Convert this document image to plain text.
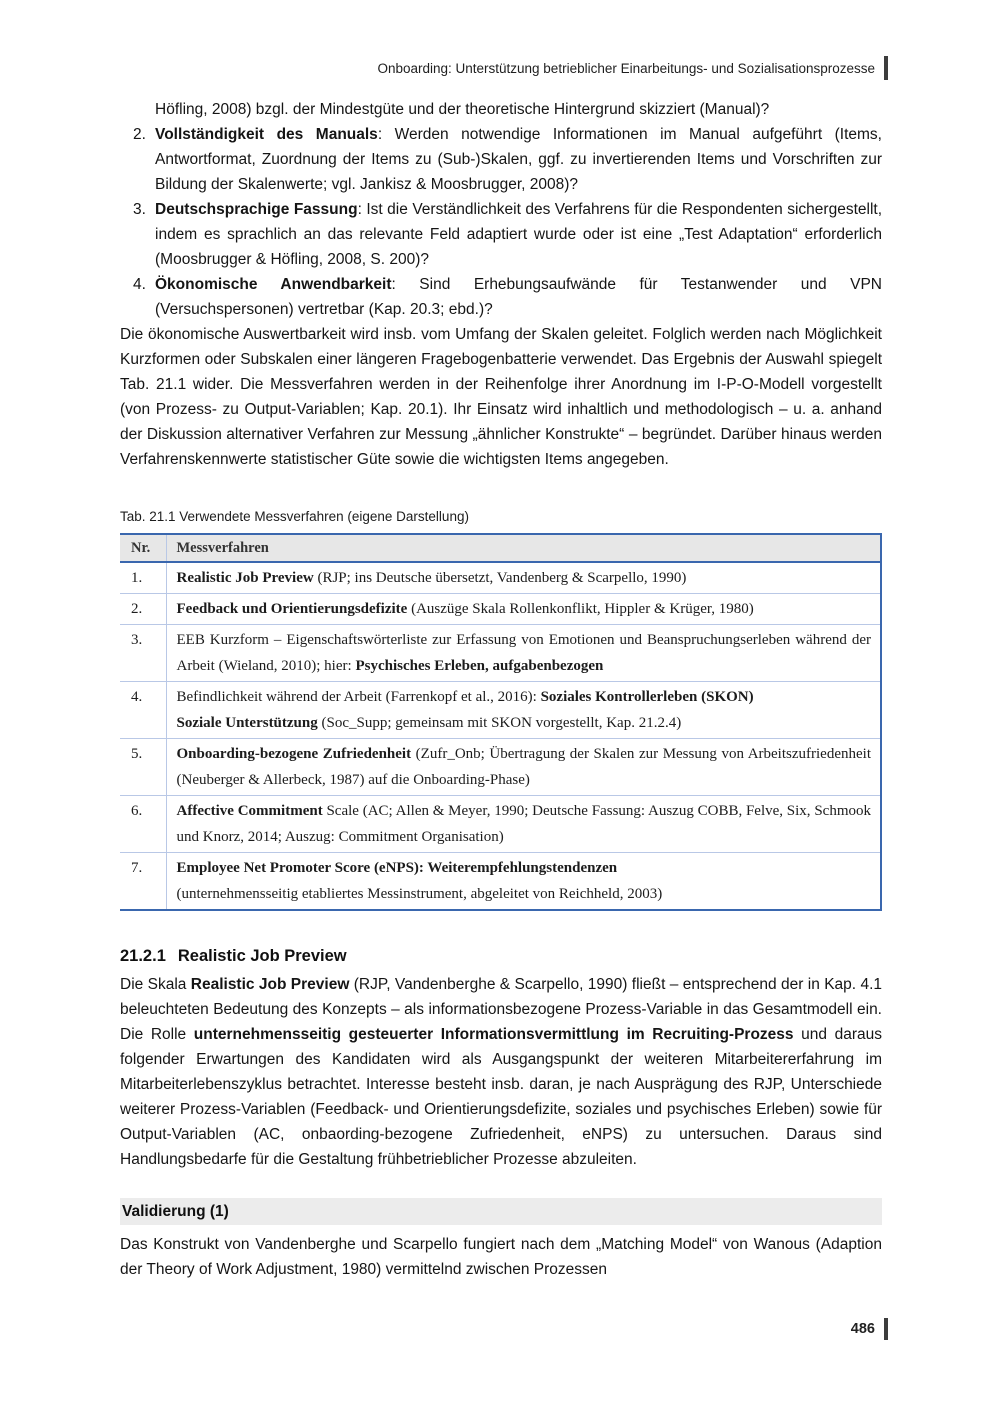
Onboarding: Unterstützung betrieblicher Einarbeitungs- und Sozialisationsprozesse

Höfling, 2008) bzgl. der Mindestgüte und der theoretische Hintergrund skizziert (Manual)?

2. Vollständigkeit des Manuals: Werden notwendige Informationen im Manual aufgeführt (Items, Antwortformat, Zuordnung der Items zu (Sub-)Skalen, ggf. zu invertierenden Items und Vorschriften zur Bildung der Skalenwerte; vgl. Jankisz & Moosbrugger, 2008)?

3. Deutschsprachige Fassung: Ist die Verständlichkeit des Verfahrens für die Respondenten sichergestellt, indem es sprachlich an das relevante Feld adaptiert wurde oder ist eine „Test Adaptation“ erforderlich (Moosbrugger & Höfling, 2008, S. 200)?

4. Ökonomische Anwendbarkeit: Sind Erhebungsaufwände für Testanwender und VPN (Versuchspersonen) vertretbar (Kap. 20.3; ebd.)?

Die ökonomische Auswertbarkeit wird insb. vom Umfang der Skalen geleitet. Folglich werden nach Möglichkeit Kurzformen oder Subskalen einer längeren Fragebogenbatterie verwendet. Das Ergebnis der Auswahl spiegelt Tab. 21.1 wider. Die Messverfahren werden in der Reihenfolge ihrer Anordnung im I-P-O-Modell vorgestellt (von Prozess- zu Output-Variablen; Kap. 20.1). Ihr Einsatz wird inhaltlich und methodologisch – u. a. anhand der Diskussion alternativer Verfahren zur Messung „ähnlicher Konstrukte“ – begründet. Darüber hinaus werden Verfahrenskennwerte statistischer Güte sowie die wichtigsten Items angegeben.

Tab. 21.1 Verwendete Messverfahren (eigene Darstellung)

Nr.	Messverfahren
1.	Realistic Job Preview (RJP; ins Deutsche übersetzt, Vandenberg & Scarpello, 1990)
2.	Feedback und Orientierungsdefizite (Auszüge Skala Rollenkonflikt, Hippler & Krüger, 1980)
3.	EEB Kurzform – Eigenschaftswörterliste zur Erfassung von Emotionen und Beanspruchungserleben während der Arbeit (Wieland, 2010); hier: Psychisches Erleben, aufgabenbezogen
4.	Befindlichkeit während der Arbeit (Farrenkopf et al., 2016): Soziales Kontrollerleben (SKON)
Soziale Unterstützung (Soc_Supp; gemeinsam mit SKON vorgestellt, Kap. 21.2.4)
5.	Onboarding-bezogene Zufriedenheit (Zufr_Onb; Übertragung der Skalen zur Messung von Arbeitszufriedenheit (Neuberger & Allerbeck, 1987) auf die Onboarding-Phase)
6.	Affective Commitment Scale (AC; Allen & Meyer, 1990; Deutsche Fassung: Auszug COBB, Felve, Six, Schmook und Knorz, 2014; Auszug: Commitment Organisation)
7.	Employee Net Promoter Score (eNPS): Weiterempfehlungstendenzen
(unternehmensseitig etabliertes Messinstrument, abgeleitet von Reichheld, 2003)
21.2.1 Realistic Job Preview

Die Skala Realistic Job Preview (RJP, Vandenberghe & Scarpello, 1990) fließt – entsprechend der in Kap. 4.1 beleuchteten Bedeutung des Konzepts – als informationsbezogene Prozess-Variable in das Gesamtmodell ein. Die Rolle unternehmensseitig gesteuerter Informationsvermittlung im Recruiting-Prozess und daraus folgender Erwartungen des Kandidaten wird als Ausgangspunkt der weiteren Mitarbeitererfahrung im Mitarbeiterlebenszyklus betrachtet. Interesse besteht insb. daran, je nach Ausprägung des RJP, Unterschiede weiterer Prozess-Variablen (Feedback- und Orientierungsdefizite, soziales und psychisches Erleben) sowie für Output-Variablen (AC, onbaording-bezogene Zufriedenheit, eNPS) zu untersuchen. Daraus sind Handlungsbedarfe für die Gestaltung frühbetrieblicher Prozesse abzuleiten.

Validierung (1)

Das Konstrukt von Vandenberghe und Scarpello fungiert nach dem „Matching Model“ von Wanous (Adaption der Theory of Work Adjustment, 1980) vermittelnd zwischen Prozessen

486
